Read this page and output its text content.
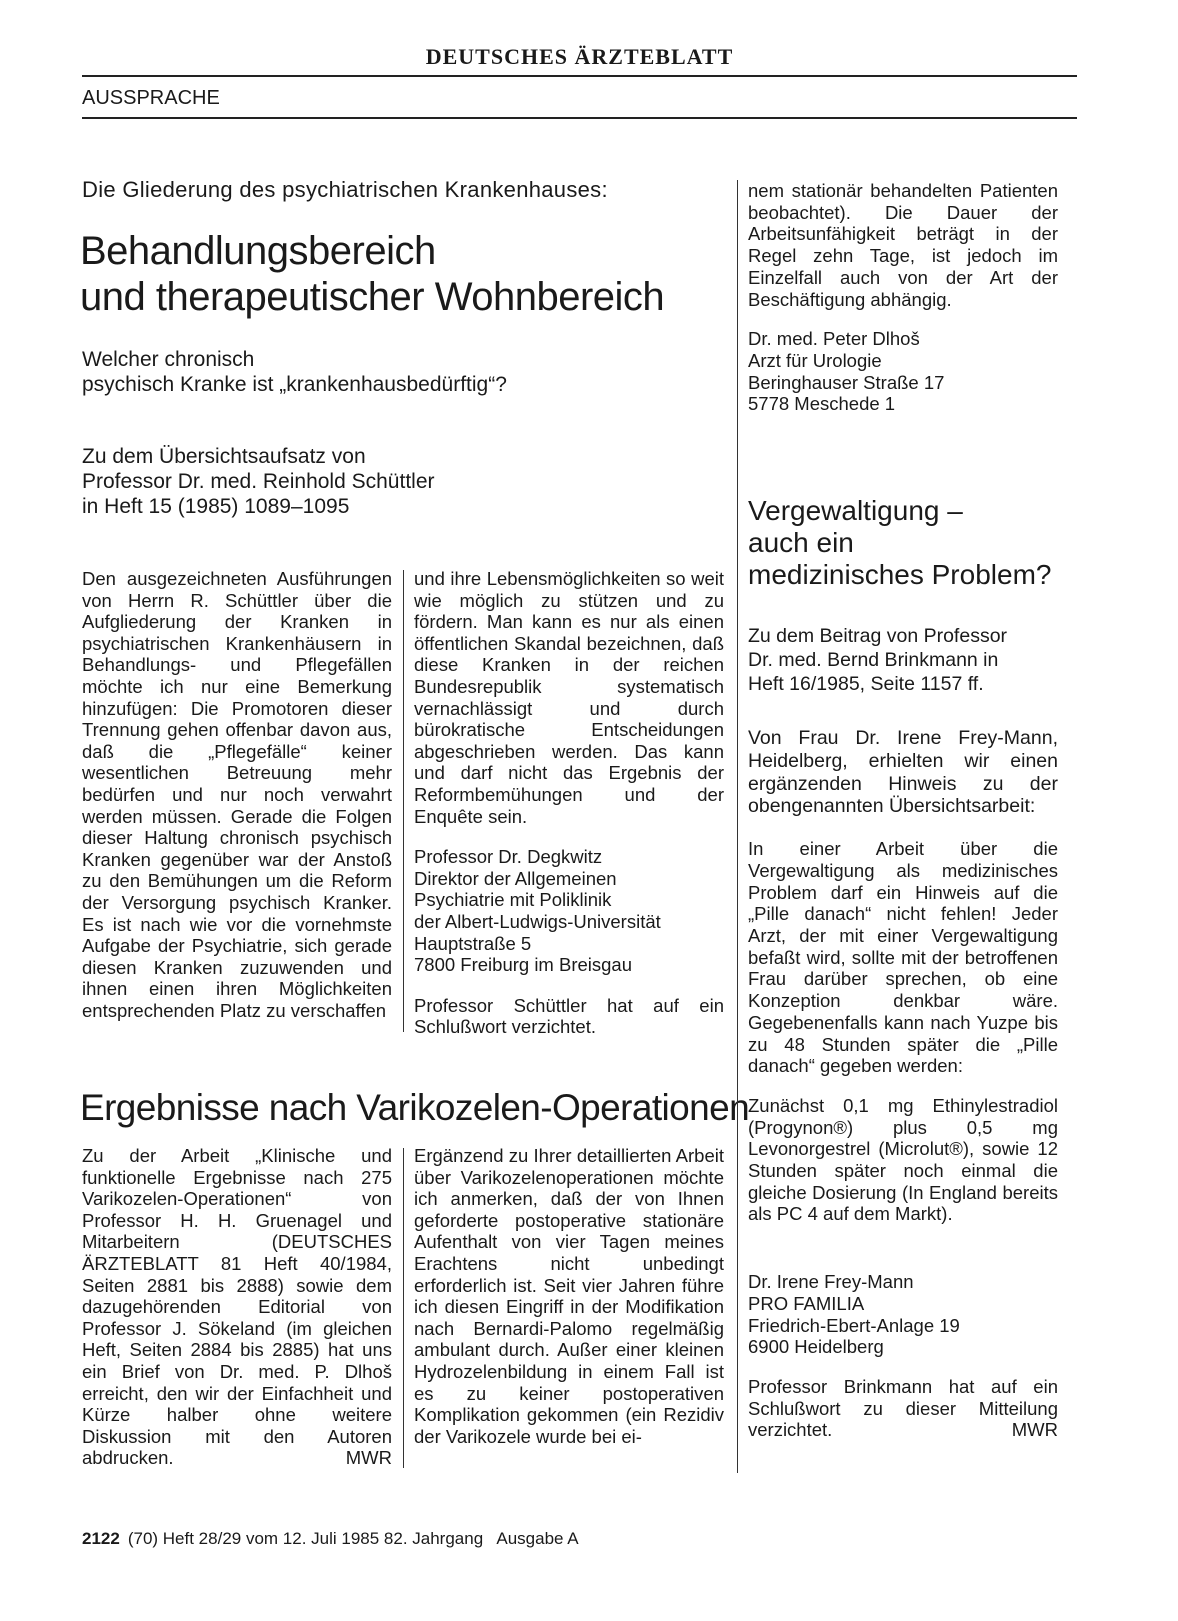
DEUTSCHES ÄRZTEBLATT
AUSSPRACHE
Die Gliederung des psychiatrischen Krankenhauses:
Behandlungsbereich
und therapeutischer Wohnbereich
Welcher chronisch
psychisch Kranke ist „krankenhausbedürftig“?
Zu dem Übersichtsaufsatz von
Professor Dr. med. Reinhold Schüttler
in Heft 15 (1985) 1089–1095

Den ausgezeichneten Ausführungen von Herrn R. Schüttler über die Aufgliederung der Kranken in psychiatrischen Krankenhäusern in Behandlungs- und Pflegefällen möchte ich nur eine Bemerkung hinzufügen: Die Promotoren dieser Trennung gehen offenbar davon aus, daß die „Pflegefälle“ keiner wesentlichen Betreuung mehr bedürfen und nur noch verwahrt werden müssen. Gerade die Folgen dieser Haltung chronisch psychisch Kranken gegenüber war der Anstoß zu den Bemühungen um die Reform der Versorgung psychisch Kranker. Es ist nach wie vor die vornehmste Aufgabe der Psychiatrie, sich gerade diesen Kranken zuzuwenden und ihnen einen ihren Möglichkeiten entsprechenden Platz zu verschaffen

und ihre Lebensmöglichkeiten so weit wie möglich zu stützen und zu fördern. Man kann es nur als einen öffentlichen Skandal bezeichnen, daß diese Kranken in der reichen Bundesrepublik systematisch vernachlässigt und durch bürokratische Entscheidungen abgeschrieben werden. Das kann und darf nicht das Ergebnis der Reformbemühungen und der Enquête sein.

Professor Dr. Degkwitz
Direktor der Allgemeinen
Psychiatrie mit Poliklinik
der Albert-Ludwigs-Universität
Hauptstraße 5
7800 Freiburg im Breisgau

Professor Schüttler hat auf ein Schlußwort verzichtet.

Ergebnisse nach Varikozelen-Operationen

Zu der Arbeit „Klinische und funktionelle Ergebnisse nach 275 Varikozelen-Operationen“ von Professor H. H. Gruenagel und Mitarbeitern (DEUTSCHES ÄRZTEBLATT 81 Heft 40/1984, Seiten 2881 bis 2888) sowie dem dazugehörenden Editorial von Professor J. Sökeland (im gleichen Heft, Seiten 2884 bis 2885) hat uns ein Brief von Dr. med. P. Dlhoš erreicht, den wir der Einfachheit und Kürze halber ohne weitere Diskussion mit den Autoren abdrucken.	MWR

Ergänzend zu Ihrer detaillierten Arbeit über Varikozelenoperationen möchte ich anmerken, daß der von Ihnen geforderte postoperative stationäre Aufenthalt von vier Tagen meines Erachtens nicht unbedingt erforderlich ist. Seit vier Jahren führe ich diesen Eingriff in der Modifikation nach Bernardi-Palomo regelmäßig ambulant durch. Außer einer kleinen Hydrozelenbildung in einem Fall ist es zu keiner postoperativen Komplikation gekommen (ein Rezidiv der Varikozele wurde bei ei-

nem stationär behandelten Patienten beobachtet). Die Dauer der Arbeitsunfähigkeit beträgt in der Regel zehn Tage, ist jedoch im Einzelfall auch von der Art der Beschäftigung abhängig.

Dr. med. Peter Dlhoš
Arzt für Urologie
Beringhauser Straße 17
5778 Meschede 1
Vergewaltigung –
auch ein
medizinisches Problem?
Zu dem Beitrag von Professor
Dr. med. Bernd Brinkmann in
Heft 16/1985, Seite 1157 ff.

Von Frau Dr. Irene Frey-Mann, Heidelberg, erhielten wir einen ergänzenden Hinweis zu der obengenannten Übersichtsarbeit:

In einer Arbeit über die Vergewaltigung als medizinisches Problem darf ein Hinweis auf die „Pille danach“ nicht fehlen! Jeder Arzt, der mit einer Vergewaltigung befaßt wird, sollte mit der betroffenen Frau darüber sprechen, ob eine Konzeption denkbar wäre. Gegebenenfalls kann nach Yuzpe bis zu 48 Stunden später die „Pille danach“ gegeben werden:

Zunächst 0,1 mg Ethinylestradiol (Progynon®) plus 0,5 mg Levonorgestrel (Microlut®), sowie 12 Stunden später noch einmal die gleiche Dosierung (In England bereits als PC 4 auf dem Markt).

Dr. Irene Frey-Mann
PRO FAMILIA
Friedrich-Ebert-Anlage 19
6900 Heidelberg

Professor Brinkmann hat auf ein Schlußwort zu dieser Mitteilung verzichtet.	MWR
2122 (70) Heft 28/29 vom 12. Juli 1985 82. Jahrgang   Ausgabe A
